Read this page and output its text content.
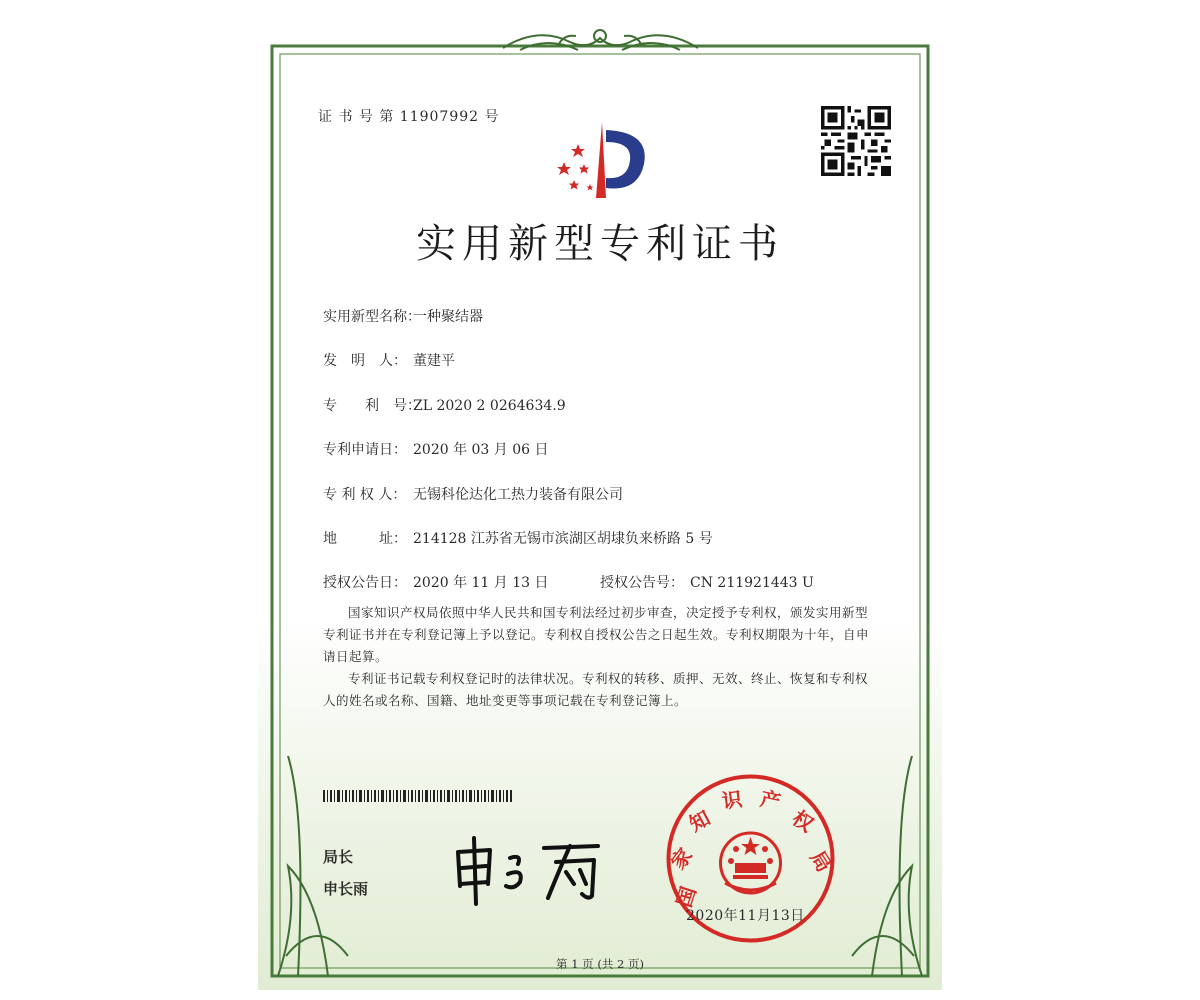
证 书 号 第 11907992 号
实用新型专利证书
实用新型名称：一种聚结器
发　明　人： 董建平
专　　利　号：ZL 2020 2 0264634.9
专利申请日： 2020 年 03 月 06 日
专 利 权 人： 无锡科伦达化工热力装备有限公司
地　　　址： 214128 江苏省无锡市滨湖区胡埭负来桥路 5 号
授权公告日： 2020 年 11 月 13 日	授权公告号： CN 211921443 U
国家知识产权局依照中华人民共和国专利法经过初步审查，决定授予专利权，颁发实用新型专利证书并在专利登记簿上予以登记。专利权自授权公告之日起生效。专利权期限为十年，自申请日起算。
专利证书记载专利权登记时的法律状况。专利权的转移、质押、无效、终止、恢复和专利权人的姓名或名称、国籍、地址变更等事项记载在专利登记簿上。
局长
申长雨	国
家
知
识 产
权
局
2020年11月13日
第 1 页 (共 2 页)
